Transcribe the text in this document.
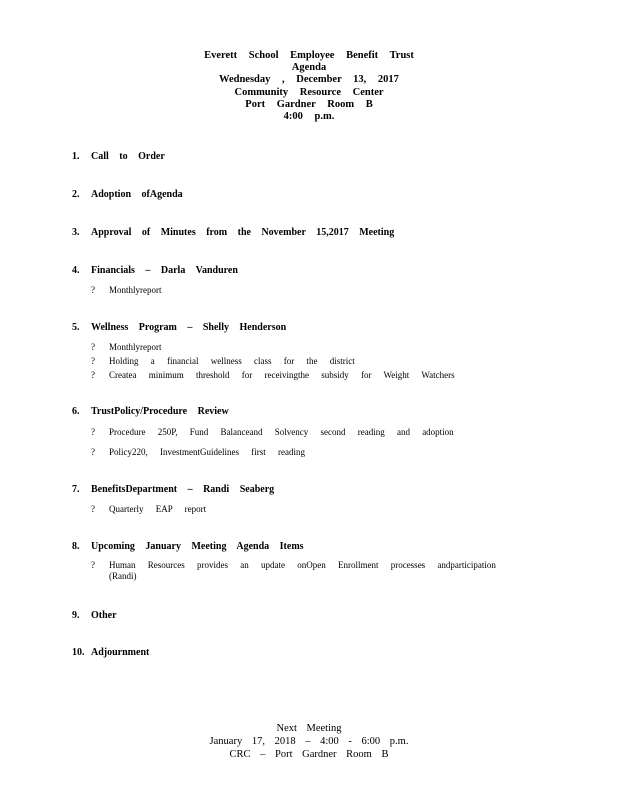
Everett School Employee Benefit Trust
Agenda
Wednesday , December 13, 2017
Community Resource Center
Port Gardner Room B
4:00 p.m.
1. Call to Order
2. Adoption ofAgenda
3. Approval of Minutes from the November 15,2017 Meeting
4. Financials – Darla Vanduren
? Monthlyreport
5. Wellness Program – Shelly Henderson
? Monthlyreport
? Holding a financial wellness class for the district
? Createa minimum threshold for receivingthe subsidy for Weight Watchers
6. TrustPolicy/Procedure Review
? Procedure 250P, Fund Balanceand Solvency second reading and adoption
? Policy220, InvestmentGuidelines first reading
7. BenefitsDepartment – Randi Seaberg
? Quarterly EAP report
8. Upcoming January Meeting Agenda Items
? Human Resources provides an update onOpen Enrollment processes andparticipation (Randi)
9. Other
10. Adjournment
Next Meeting
January 17, 2018 – 4:00 - 6:00 p.m.
CRC – Port Gardner Room B
